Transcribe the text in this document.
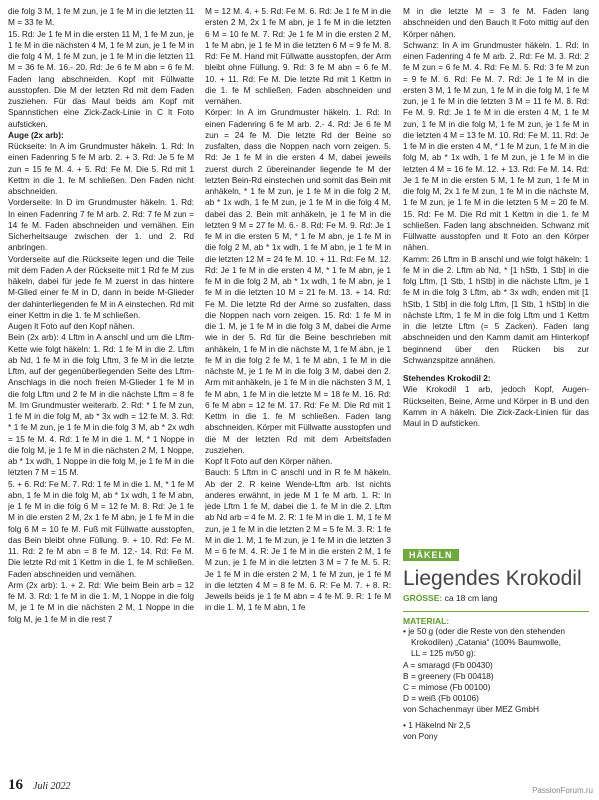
die folg 3 M, 1 fe M zun, je 1 fe M in die letzten 11 M = 33 fe M.

15. Rd: Je 1 fe M in die ersten 11 M, 1 fe M zun, je 1 fe M in die nächsten 4 M, 1 fe M zun, je 1 fe M in die folg 4 M, 1 fe M zun, je 1 fe M in die letzten 11 M = 36 fe M. 16.- 20. Rd: Je 6 fe M abn = 6 fe M. Faden lang abschneiden. Kopf mit Füllwatte ausstopfen. Die M der letzten Rd mit dem Faden zusziehen. Für das Maul beids am Kopf mit Spannstichen eine Zick-Zack-Linie in C lt Foto aufsticken.

Auge (2x arb):

Rückseite: In A im Grundmuster häkeln. 1. Rd: In einen Fadenring 5 fe M arb. 2. + 3. Rd: Je 5 fe M zun = 15 fe M. 4. + 5. Rd: Fe M. Die 5. Rd mit 1 Kettm in die 1. fe M schließen. Den Faden nicht abschneiden.

Vorderseite: In D im Grundmuster häkeln. 1. Rd: In einen Fadenring 7 fe M arb. 2. Rd: 7 fe M zun = 14 fe M. Faden abschneiden und vernähen. Ein Sicherheitsauge zwischen der 1. und 2. Rd anbringen.

Vorderseite auf die Rückseite legen und die Teile mit dem Faden A der Rückseite mit 1 Rd fe M zus häkeln, dabei für jede fe M zuerst in das hintere M-Glied einer fe M in D, dann in beide M-Glieder der dahinterliegenden fe M in A einstechen. Rd mit einer Kettm in die 1. fe M schließen.

Augen lt Foto auf den Kopf nähen.

Bein (2x arb): 4 Lftm in A anschl und um die Lftm-Kette wie folgt häkeln: 1. Rd: 1 fe M in die 2. Lftm ab Nd, 1 fe M in die folg Lftm, 3 fe M in die letzte Lftm, auf der gegenüberliegenden Seite des Lftm-Anschlags in die noch freien M-Glieder 1 fe M in die folg Lftm und 2 fe M in die nächste Lftm = 8 fe M. Im Grundmuster weiterarb. 2. Rd: * 1 fe M zun, 1 fe M in die folg M, ab * 3x wdh = 12 fe M. 3. Rd: * 1 fe M zun, je 1 fe M in die folg 3 M, ab * 2x wdh = 15 fe M. 4. Rd: 1 fe M in die 1. M, * 1 Noppe in die folg M, je 1 fe M in die nächsten 2 M, 1 Noppe, ab * 1x wdh, 1 Noppe in die folg M, je 1 fe M in die letzten 7 M = 15 M.

5. + 6. Rd: Fe M. 7. Rd: 1 fe M in die 1. M, * 1 fe M abn, 1 fe M in die folg M, ab * 1x wdh, 1 fe M abn, je 1 fe M in die folg 6 M = 12 fe M. 8. Rd: Je 1 fe M in die ersten 2 M, 2x 1 fe M abn, je 1 fe M in die folg 6 M = 10 fe M. Fuß mit Füllwatte ausstopfen, das Bein bleibt ohne Füllung. 9. + 10. Rd: Fe M. 11. Rd: 2 fe M abn = 8 fe M. 12.- 14. Rd: Fe M. Die letzte Rd mit 1 Kettm in die 1. fe M schließen. Faden abschneiden und vernähen.

Arm (2x arb): 1. + 2. Rd: Wie beim Bein arb = 12 fe M. 3. Rd: 1 fe M in die 1. M, 1 Noppe in die folg M, je 1 fe M in die nächsten 2 M, 1 Noppe in die folg M, je 1 fe M in die rest 7

M = 12 M. 4. + 5. Rd: Fe M. 6. Rd: Je 1 fe M in die ersten 2 M, 2x 1 fe M abn, je 1 fe M in die letzten 6 M = 10 fe M. 7. Rd: Je 1 fe M in die ersten 2 M, 1 fe M abn, je 1 fe M in die letzten 6 M = 9 fe M. 8. Rd: Fe M. Hand mit Füllwatte ausstopfen, der Arm bleibt ohne Füllung. 9. Rd: 3 fe M abn = 6 fe M. 10. + 11. Rd: Fe M. Die letzte Rd mit 1 Kettm in die 1. fe M schließen. Faden abschneiden und vernähen.

Körper: In A im Grundmuster häkeln. 1. Rd: In einen Fadenring 6 fe M arb. 2.- 4. Rd: Je 6 fe M zun = 24 fe M. Die letzte Rd der Beine so zusfalten, dass die Noppen nach vorn zeigen. 5. Rd: Je 1 fe M in die ersten 4 M, dabei jeweils zuerst durch 2 übereinander liegende fe M der letzten Bein-Rd einstechen und somit das Bein mit anhäkeln, * 1 fe M zun, je 1 fe M in die folg 2 M, ab * 1x wdh, 1 fe M zun, je 1 fe M in die folg 4 M, dabei das 2. Bein mit anhäkeln, je 1 fe M in die letzten 9 M = 27 fe M. 6.- 8. Rd: Fe M. 9. Rd: Je 1 fe M in die ersten 5 M, * 1 fe M abn, je 1 fe M in die folg 2 M, ab * 1x wdh, 1 fe M abn, je 1 fe M in die letzten 12 M = 24 fe M. 10. + 11. Rd: Fe M. 12. Rd: Je 1 fe M in die ersten 4 M, * 1 fe M abn, je 1 fe M in die folg 2 M, ab * 1x wdh, 1 fe M abn, je 1 fe M in die letzten 10 M = 21 fe M. 13. + 14. Rd: Fe M. Die letzte Rd der Arme so zusfalten, dass die Noppen nach vorn zeigen. 15. Rd: 1 fe M in die 1. M, je 1 fe M in die folg 3 M, dabei die Arme wie in der 5. Rd für die Beine beschrieben mit anhäkeln, 1 fe M in die nächste M, 1 fe M abn, je 1 fe M in die folg 2 fe M, 1 fe M abn, 1 fe M in die nächste M, je 1 fe M in die folg 3 M, dabei den 2. Arm mit anhäkeln, je 1 fe M in die nächsten 3 M, 1 fe M abn, 1 fe M in die letzte M = 18 fe M. 16. Rd: 6 fe M abn = 12 fe M. 17. Rd: Fe M. Die Rd mit 1 Kettm in die 1. fe M schließen. Faden lang abschneiden. Körper mit Füllwatte ausstopfen und die M der letzten Rd mit dem Arbeitsfaden zusziehen.

Kopf lt Foto auf den Körper nähen.

Bauch: 5 Lftm in C anschl und in R fe M häkeln. Ab der 2. R keine Wende-Lftm arb. Ist nichts anderes erwähnt, in jede M 1 fe M arb. 1. R: In jede Lftm 1 fe M, dabei die 1. fe M in die 2. Lftm ab Nd arb = 4 fe M. 2. R: 1 fe M in die 1. M, 1 fe M zun, je 1 fe M in die letzten 2 M = 5 fe M. 3. R: 1 fe M in die 1. M, 1 fe M zun, je 1 fe M in die letzten 3 M = 6 fe M. 4. R: Je 1 fe M in die ersten 2 M, 1 fe M zun, je 1 fe M in die letzten 3 M = 7 fe M. 5. R: Je 1 fe M in die ersten 2 M, 1 fe M zun, je 1 fe M in die letzten 4 M = 8 fe M. 6. R: Fe M. 7. + 8. R: Jeweils beids je 1 fe M abn = 4 fe M. 9. R: 1 fe M in die 1. M, 1 fe M abn, 1 fe

M in die letzte M = 3 fe M. Faden lang abschneiden und den Bauch lt Foto mittig auf den Körper nähen.

Schwanz: In A im Grundmuster häkeln. 1. Rd: In einen Fadenring 4 fe M arb. 2. Rd: Fe M. 3. Rd: 2 fe M zun = 6 fe M. 4. Rd: Fe M. 5. Rd: 3 fe M zun = 9 fe M. 6. Rd: Fe M. 7. Rd: Je 1 fe M in die ersten 3 M, 1 fe M zun, 1 fe M in die folg M, 1 fe M zun, je 1 fe M in die letzten 3 M = 11 fe M. 8. Rd: Fe M. 9. Rd: Je 1 fe M in die ersten 4 M, 1 fe M zun, 1 fe M in die folg M, 1 fe M zun, je 1 fe M in die letzten 4 M = 13 fe M. 10. Rd: Fe M. 11. Rd: Je 1 fe M in die ersten 4 M, * 1 fe M zun, 1 fe M in die folg M, ab * 1x wdh, 1 fe M zun, je 1 fe M in die letzten 4 M = 16 fe M. 12. + 13. Rd: Fe M. 14. Rd: Je 1 fe M in die ersten 5 M, 1 fe M zun, 1 fe M in die folg M, 2x 1 fe M zun, 1 fe M in die nächste M, 1 fe M zun, je 1 fe M in die letzten 5 M = 20 fe M. 15. Rd: Fe M. Die Rd mit 1 Kettm in die 1. fe M schließen. Faden lang abschneiden. Schwanz mit Füllwatte ausstopfen und lt Foto an den Körper nähen.

Kamm: 26 Lftm in B anschl und wie folgt häkeln: 1 fe M in die 2. Lftm ab Nd, * [1 hStb, 1 Stb] in die folg Lftm, [1 Stb, 1 hStb] in die nächste Lftm, je 1 fe M in die folg 3 Lftm, ab * 3x wdh, enden mit [1 hStb, 1 Stb] in die folg Lftm, [1 Stb, 1 hStb] in die nächste Lftm, 1 fe M in die folg Lftm und 1 Kettm in die letzte Lftm (= 5 Zacken). Faden lang abschneiden und den Kamm damit am Hinterkopf beginnend über den Rücken bis zur Schwanzspitze annähen.

Stehendes Krokodil 2:

Wie Krokodil 1 arb, jedoch Kopf, Augen-Rückseiten, Beine, Arme und Körper in B und den Kamm in A häkeln. Die Zick-Zack-Linien für das Maul in D aufsticken.

HÄKELN
Liegendes Krokodil
GRÖSSE: ca 18 cm lang
MATERIAL:
• je 50 g (oder die Reste von den stehenden
Krokodilen) „Catania“ (100% Baumwolle,
LL = 125 m/50 g):
A = smaragd (Fb 00430)
B = greenery (Fb 00418)
C = mimose (Fb 00100)
D = weiß (Fb 00106)
von Schachenmayr über MEZ GmbH
• 1 Häkelnd Nr 2,5
von Pony
16 Juli 2022	PassionForum.ru
